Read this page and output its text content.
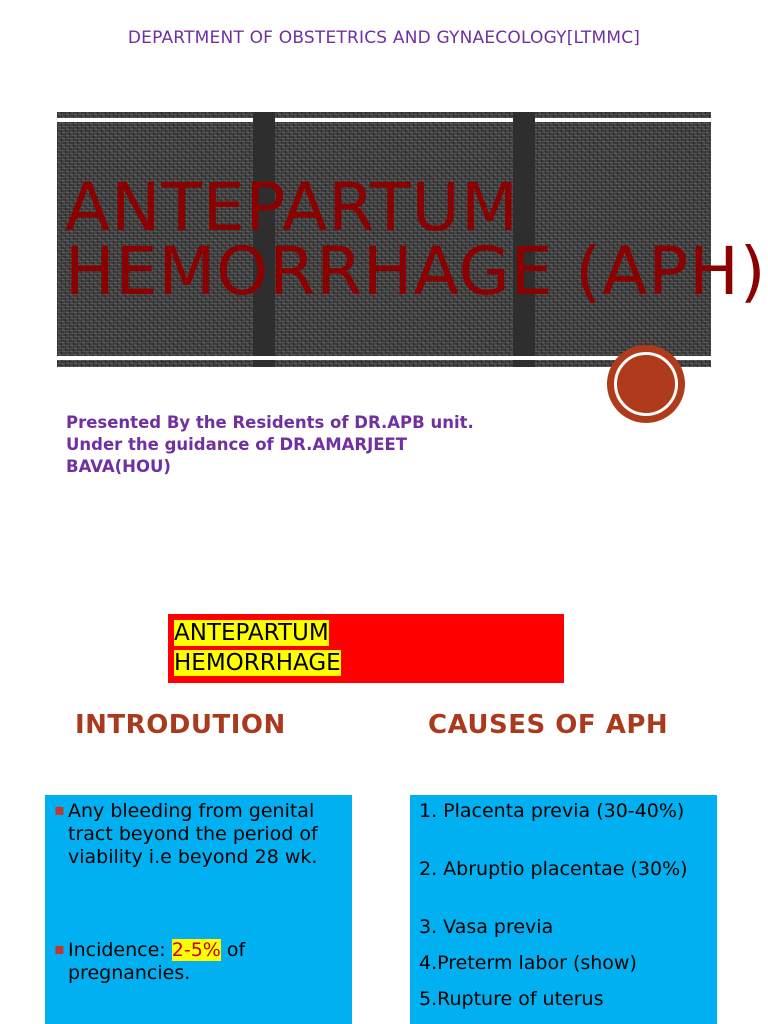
DEPARTMENT OF OBSTETRICS AND GYNAECOLOGY[LTMMC]
ANTEPARTUM
HEMORRHAGE (APH)
Presented By the Residents of DR.APB unit.
Under the guidance of DR.AMARJEET
BAVA(HOU)
ANTEPARTUM
HEMORRHAGE
INTRODUTION	CAUSES OF APH
▪ Any bleeding from genital tract beyond the period of viability i.e beyond 28 wk.
▪ Incidence: 2-5% of pregnancies.
1. Placenta previa (30-40%)
2. Abruptio placentae (30%)
3. Vasa previa
4.Preterm labor (show)
5.Rupture of uterus
